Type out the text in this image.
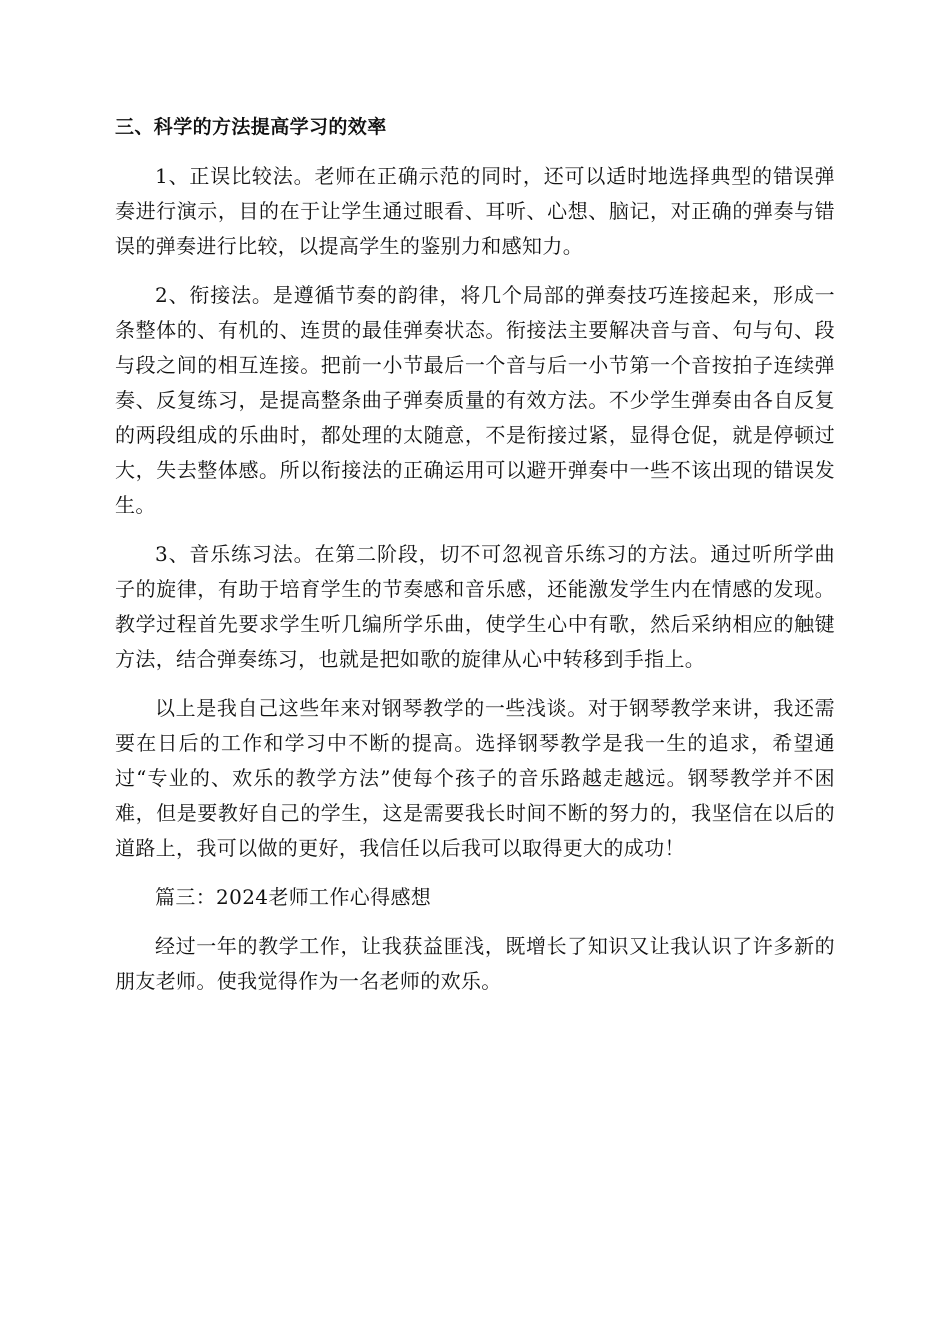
三、科学的方法提高学习的效率

1、正误比较法。老师在正确示范的同时，还可以适时地选择典型的错误弹奏进行演示，目的在于让学生通过眼看、耳听、心想、脑记，对正确的弹奏与错误的弹奏进行比较，以提高学生的鉴别力和感知力。

2、衔接法。是遵循节奏的韵律，将几个局部的弹奏技巧连接起来，形成一条整体的、有机的、连贯的最佳弹奏状态。衔接法主要解决音与音、句与句、段与段之间的相互连接。把前一小节最后一个音与后一小节第一个音按拍子连续弹奏、反复练习，是提高整条曲子弹奏质量的有效方法。不少学生弹奏由各自反复的两段组成的乐曲时，都处理的太随意，不是衔接过紧，显得仓促，就是停顿过大，失去整体感。所以衔接法的正确运用可以避开弹奏中一些不该出现的错误发生。

3、音乐练习法。在第二阶段，切不可忽视音乐练习的方法。通过听所学曲子的旋律，有助于培育学生的节奏感和音乐感，还能激发学生内在情感的发现。教学过程首先要求学生听几编所学乐曲，使学生心中有歌，然后采纳相应的触键方法，结合弹奏练习，也就是把如歌的旋律从心中转移到手指上。

以上是我自己这些年来对钢琴教学的一些浅谈。对于钢琴教学来讲，我还需要在日后的工作和学习中不断的提高。选择钢琴教学是我一生的追求，希望通过“专业的、欢乐的教学方法”使每个孩子的音乐路越走越远。钢琴教学并不困难，但是要教好自己的学生，这是需要我长时间不断的努力的，我坚信在以后的道路上，我可以做的更好，我信任以后我可以取得更大的成功！

篇三：2024老师工作心得感想

经过一年的教学工作，让我获益匪浅，既增长了知识又让我认识了许多新的朋友老师。使我觉得作为一名老师的欢乐。
